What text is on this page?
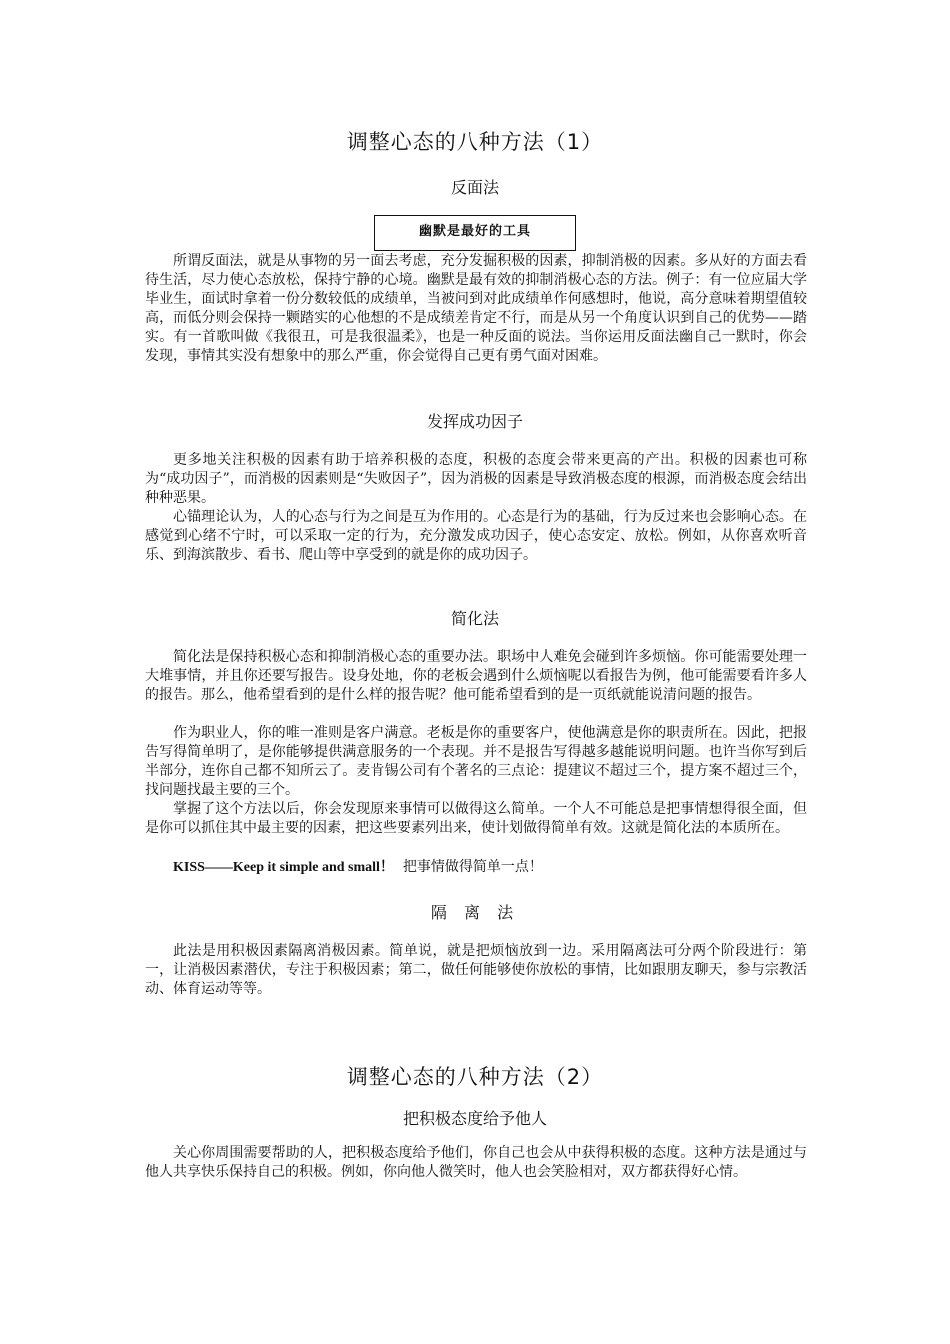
调整心态的八种方法（1）
反面法
幽默是最好的工具

所谓反面法，就是从事物的另一面去考虑，充分发掘积极的因素，抑制消极的因素。多从好的方面去看待生活，尽力使心态放松，保持宁静的心境。幽默是最有效的抑制消极心态的方法。例子：有一位应届大学毕业生，面试时拿着一份分数较低的成绩单，当被问到对此成绩单作何感想时，他说，高分意味着期望值较高，而低分则会保持一颗踏实的心他想的不是成绩差肯定不行，而是从另一个角度认识到自己的优势——踏实。有一首歌叫做《我很丑，可是我很温柔》，也是一种反面的说法。当你运用反面法幽自己一默时，你会发现，事情其实没有想象中的那么严重，你会觉得自己更有勇气面对困难。

发挥成功因子

更多地关注积极的因素有助于培养积极的态度，积极的态度会带来更高的产出。积极的因素也可称为“成功因子”，而消极的因素则是“失败因子”，因为消极的因素是导致消极态度的根源，而消极态度会结出种种恶果。

心锚理论认为，人的心态与行为之间是互为作用的。心态是行为的基础，行为反过来也会影响心态。在感觉到心绪不宁时，可以采取一定的行为，充分激发成功因子，使心态安定、放松。例如，从你喜欢听音乐、到海滨散步、看书、爬山等中享受到的就是你的成功因子。

简化法

简化法是保持积极心态和抑制消极心态的重要办法。职场中人难免会碰到许多烦恼。你可能需要处理一大堆事情，并且你还要写报告。设身处地，你的老板会遇到什么烦恼呢以看报告为例，他可能需要看许多人的报告。那么，他希望看到的是什么样的报告呢？他可能希望看到的是一页纸就能说清问题的报告。

作为职业人，你的唯一准则是客户满意。老板是你的重要客户，使他满意是你的职责所在。因此，把报告写得简单明了，是你能够提供满意服务的一个表现。并不是报告写得越多越能说明问题。也许当你写到后半部分，连你自己都不知所云了。麦肯锡公司有个著名的三点论：提建议不超过三个，提方案不超过三个，找问题找最主要的三个。

掌握了这个方法以后，你会发现原来事情可以做得这么简单。一个人不可能总是把事情想得很全面，但是你可以抓住其中最主要的因素，把这些要素列出来，使计划做得简单有效。这就是简化法的本质所在。

KISS——Keep it simple and small！ 把事情做得简单一点！

隔 离 法

此法是用积极因素隔离消极因素。简单说，就是把烦恼放到一边。采用隔离法可分两个阶段进行：第一，让消极因素潜伏，专注于积极因素；第二，做任何能够使你放松的事情，比如跟朋友聊天，参与宗教活动、体育运动等等。

调整心态的八种方法（2）
把积极态度给予他人

关心你周围需要帮助的人，把积极态度给予他们，你自己也会从中获得积极的态度。这种方法是通过与他人共享快乐保持自己的积极。例如，你向他人微笑时，他人也会笑脸相对，双方都获得好心情。
